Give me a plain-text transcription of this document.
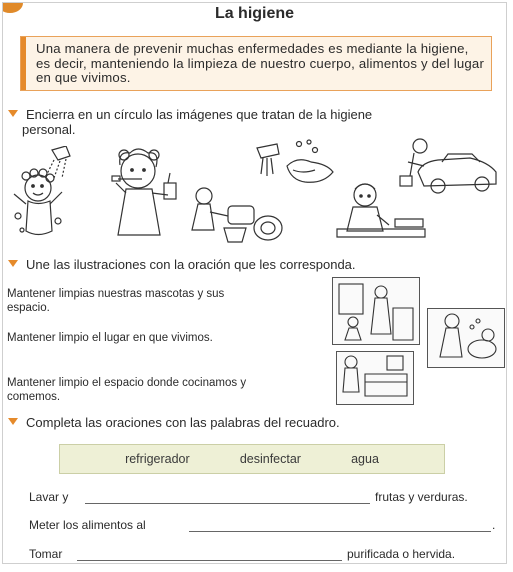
La higiene

Una manera de prevenir muchas enfermedades es mediante la higiene, es decir, manteniendo la limpieza de nuestro cuerpo, alimentos y del lugar en que vivimos.

Encierra en un círculo las imágenes que tratan de la higiene
personal.
Une las ilustraciones con la oración que les corresponda.
Mantener limpias nuestras mascotas y sus espacio.
Mantener limpio el lugar en que vivimos.
Mantener limpio el espacio donde cocinamos y comemos.
Completa las oraciones con las palabras del recuadro.
refrigerador	desinfectar	agua
Lavar y	frutas y verduras.
Meter los alimentos al	.
Tomar	purificada o hervida.
